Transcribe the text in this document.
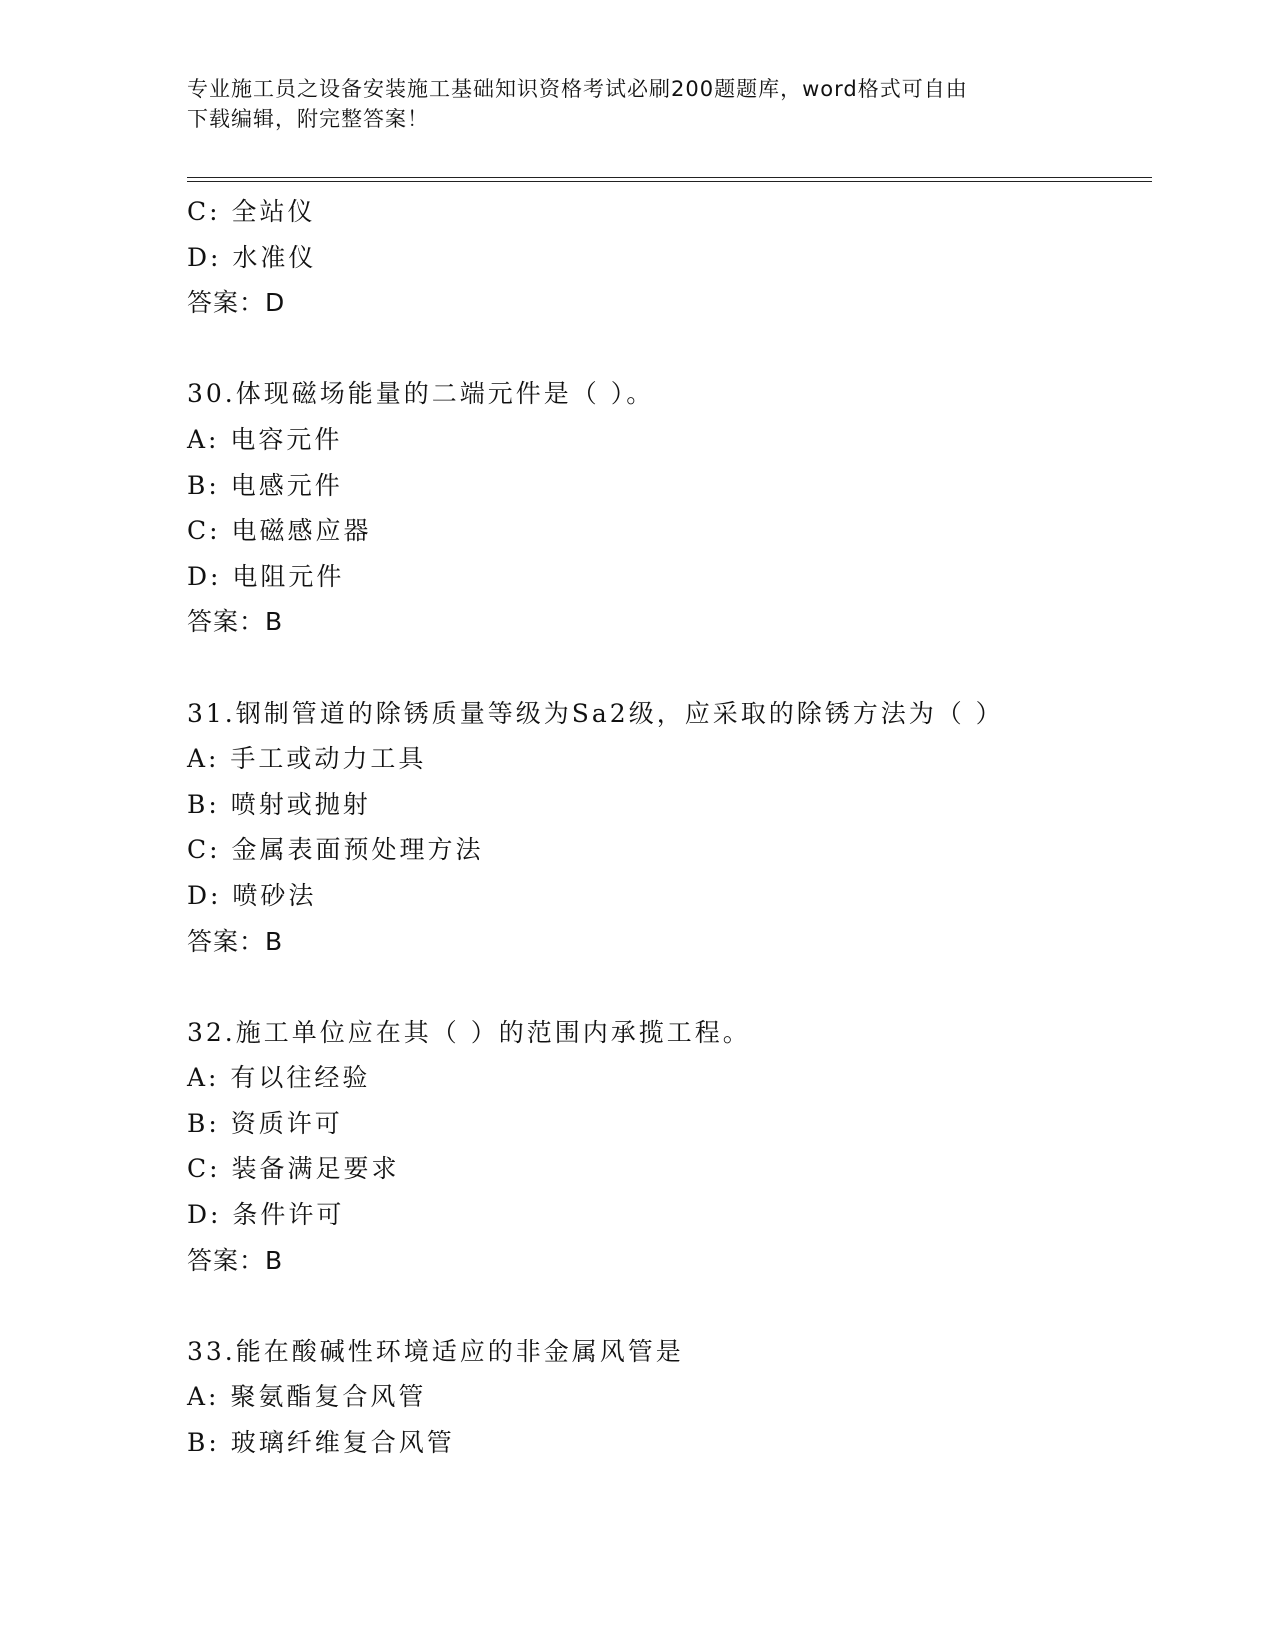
专业施工员之设备安装施工基础知识资格考试必刷200题题库，word格式可自由
下载编辑，附完整答案！
C: 全站仪
D: 水准仪
答案：D
30.体现磁场能量的二端元件是（ ）。
A: 电容元件
B: 电感元件
C: 电磁感应器
D: 电阻元件
答案：B
31.钢制管道的除锈质量等级为Sa2级，应采取的除锈方法为（ ）
A: 手工或动力工具
B: 喷射或抛射
C: 金属表面预处理方法
D: 喷砂法
答案：B
32.施工单位应在其（ ）的范围内承揽工程。
A: 有以往经验
B: 资质许可
C: 装备满足要求
D: 条件许可
答案：B
33.能在酸碱性环境适应的非金属风管是
A: 聚氨酯复合风管
B: 玻璃纤维复合风管
